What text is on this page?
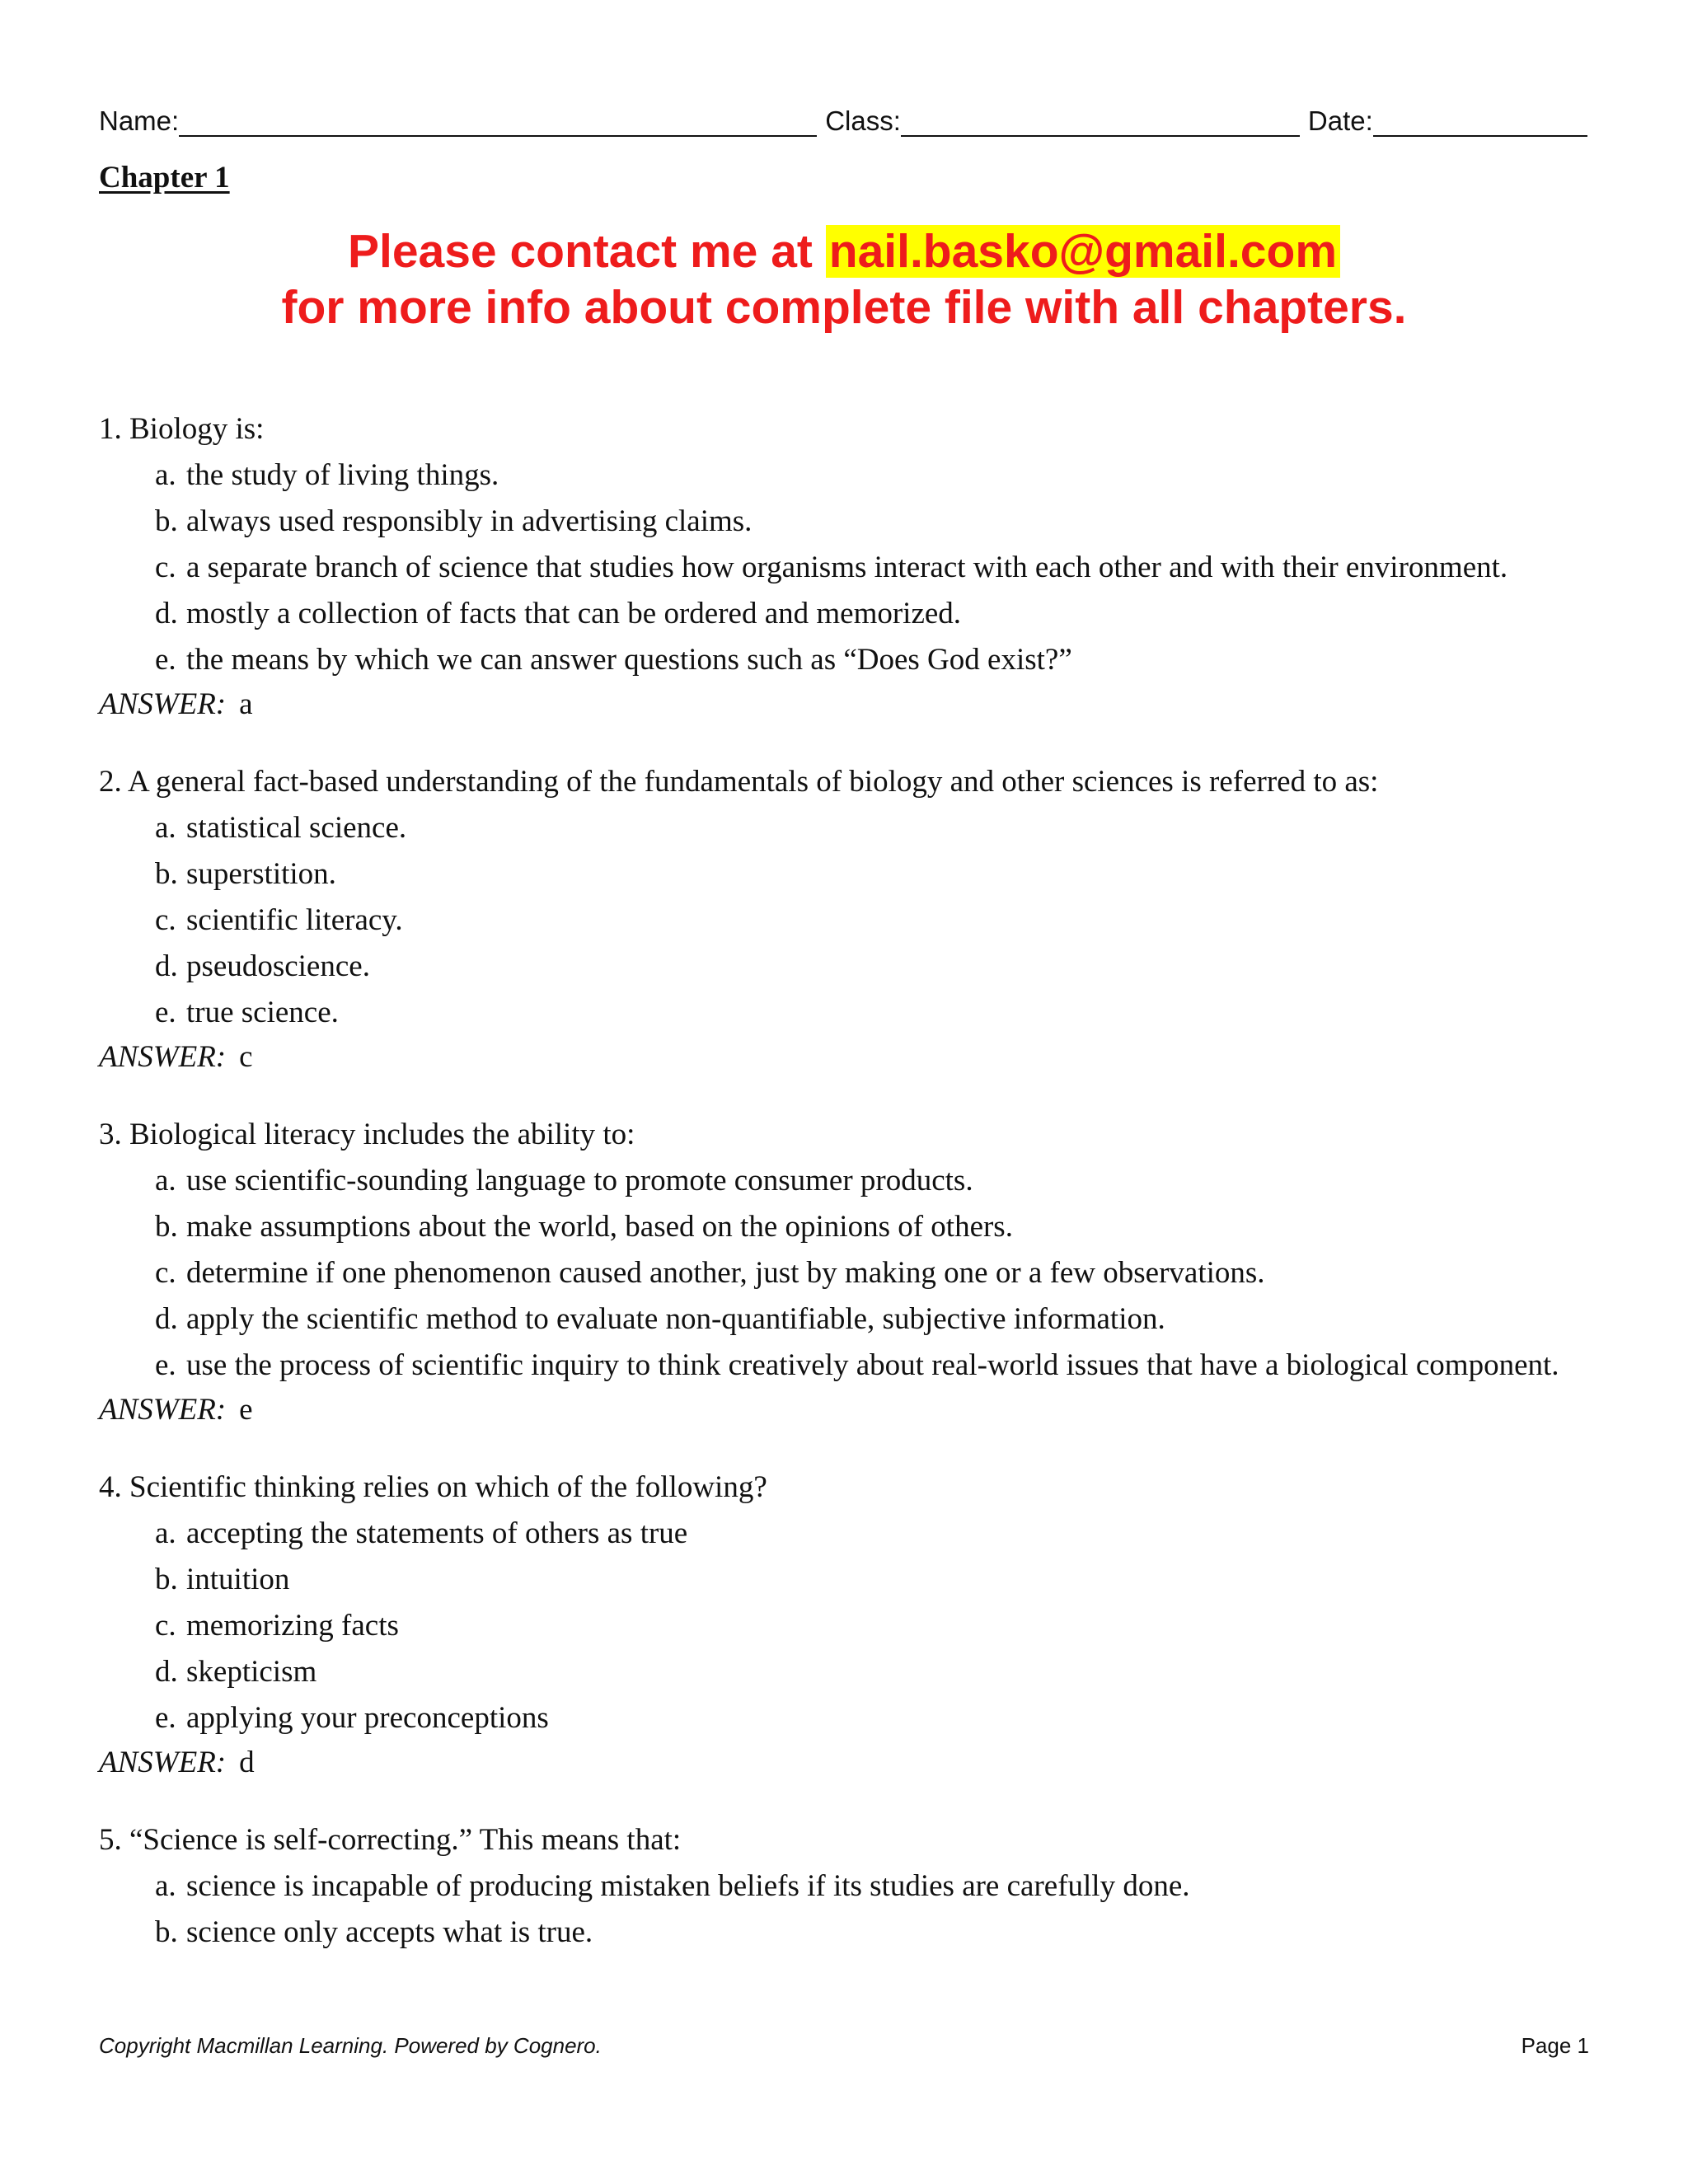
Name:	Class:	Date:
Chapter 1
Please contact me at nail.basko@gmail.com
for more info about complete file with all chapters.

1. Biology is:

a. the study of living things.
b. always used responsibly in advertising claims.
c. a separate branch of science that studies how organisms interact with each other and with their environment.
d. mostly a collection of facts that can be ordered and memorized.
e. the means by which we can answer questions such as “Does God exist?”
ANSWER: a

2. A general fact-based understanding of the fundamentals of biology and other sciences is referred to as:

a. statistical science.
b. superstition.
c. scientific literacy.
d. pseudoscience.
e. true science.
ANSWER: c

3. Biological literacy includes the ability to:

a. use scientific-sounding language to promote consumer products.
b. make assumptions about the world, based on the opinions of others.
c. determine if one phenomenon caused another, just by making one or a few observations.
d. apply the scientific method to evaluate non-quantifiable, subjective information.
e. use the process of scientific inquiry to think creatively about real-world issues that have a biological component.
ANSWER: e

4. Scientific thinking relies on which of the following?

a. accepting the statements of others as true
b. intuition
c. memorizing facts
d. skepticism
e. applying your preconceptions
ANSWER: d

5. “Science is self-correcting.” This means that:

a. science is incapable of producing mistaken beliefs if its studies are carefully done.
b. science only accepts what is true.
Copyright Macmillan Learning. Powered by Cognero.	Page 1
